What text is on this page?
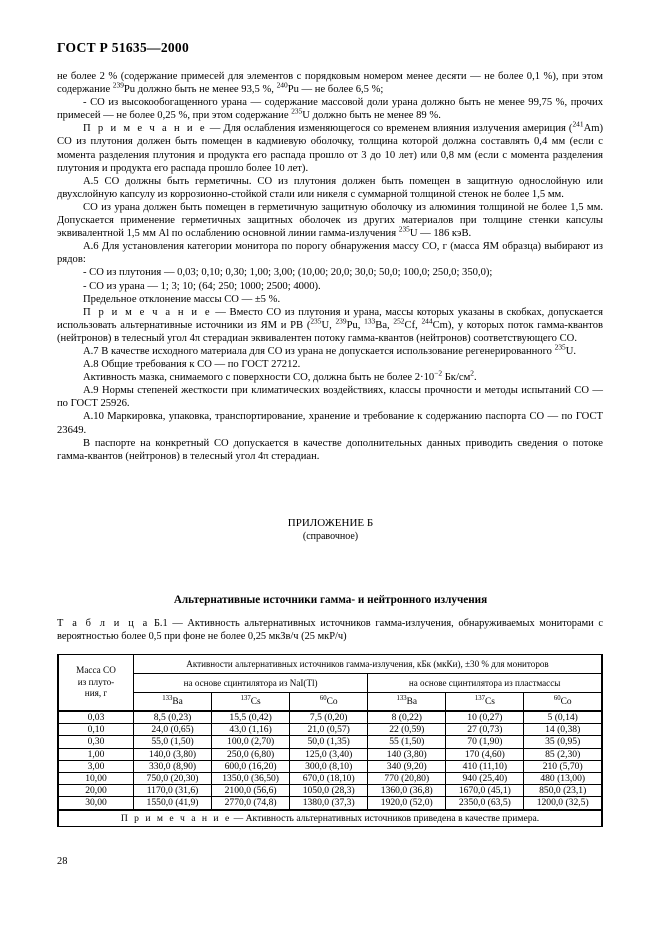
ГОСТ Р 51635—2000

не более 2 % (содержание примесей для элементов с порядковым номером менее десяти — не более 0,1 %), при этом содержание $^{239}$Pu должно быть не менее 93,5 %, $^{240}$Pu — не более 6,5 %;

- СО из высокообогащенного урана — содержание массовой доли урана должно быть не менее 99,75 %, прочих примесей — не более 0,25 %, при этом содержание $^{235}$U должно быть не менее 89 %.

П р и м е ч а н и е — Для ослабления изменяющегося со временем влияния излучения америция ($^{241}$Am) СО из плутония должен быть помещен в кадмиевую оболочку, толщина которой должна составлять 0,4 мм (если с момента разделения плутония и продукта его распада прошло от 3 до 10 лет) или 0,8 мм (если с момента разделения плутония и продукта его распада прошло более 10 лет).

А.5 СО должны быть герметичны. СО из плутония должен быть помещен в защитную однослойную или двухслойную капсулу из коррозионно-стойкой стали или никеля с суммарной толщиной стенок не более 1,5 мм.

СО из урана должен быть помещен в герметичную защитную оболочку из алюминия толщиной не более 1,5 мм. Допускается применение герметичных защитных оболочек из других материалов при толщине стенки капсулы эквивалентной 1,5 мм Al по ослаблению основной линии гамма-излучения $^{235}$U — 186 кэВ.

А.6 Для установления категории монитора по порогу обнаружения массу СО, г (масса ЯМ образца) выбирают из рядов:

- СО из плутония — 0,03; 0,10; 0,30; 1,00; 3,00; (10,00; 20,0; 30,0; 50,0; 100,0; 250,0; 350,0);

- СО из урана — 1; 3; 10; (64; 250; 1000; 2500; 4000).

Предельное отклонение массы СО — ±5 %.

П р и м е ч а н и е — Вместо СО из плутония и урана, массы которых указаны в скобках, допускается использовать альтернативные источники из ЯМ и РВ ($^{235}$U, $^{239}$Pu, $^{133}$Ba, $^{252}$Cf, $^{244}$Cm), у которых поток гамма-квантов (нейтронов) в телесный угол 4π стерадиан эквивалентен потоку гамма-квантов (нейтронов) соответствующего СО.

А.7 В качестве исходного материала для СО из урана не допускается использование регенерированного $^{235}$U.

А.8 Общие требования к СО — по ГОСТ 27212.

Активность мазка, снимаемого с поверхности СО, должна быть не более $2\cdot 10^{-2}$ $Бк/см^2$.

А.9 Нормы степеней жесткости при климатических воздействиях, классы прочности и методы испытаний СО — по ГОСТ 25926.

А.10 Маркировка, упаковка, транспортирование, хранение и требование к содержанию паспорта СО — по ГОСТ 23649.

В паспорте на конкретный СО допускается в качестве дополнительных данных приводить сведения о потоке гамма-квантов (нейтронов) в телесный угол 4π стерадиан.

ПРИЛОЖЕНИЕ Б
(справочное)
Альтернативные источники гамма- и нейтронного излучения
Т а б л и ц а Б.1 — Активность альтернативных источников гамма-излучения, обнаруживаемых мониторами с вероятностью более 0,5 при фоне не более 0,25 мкЗв/ч (25 мкР/ч)
Масса СО
из плуто-
ния, г	Активности альтернативных источников гамма-излучения, кБк (мкКи), ±30 % для мониторов					
	на основе сцинтилятора из NaI(Tl)			на основе сцинтилятора из пластмассы		
	$^{133}$Ba	$^{137}$Cs	$^{60}$Co	$^{133}$Ba	$^{137}$Cs	$^{60}$Co
0,03	8,5 (0,23)	15,5 (0,42)	7,5 (0,20)	8 (0,22)	10 (0,27)	5 (0,14)
0,10	24,0 (0,65)	43,0 (1,16)	21,0 (0,57)	22 (0,59)	27 (0,73)	14 (0,38)
0,30	55,0 (1,50)	100,0 (2,70)	50,0 (1,35)	55 (1,50)	70 (1,90)	35 (0,95)
1,00	140,0 (3,80)	250,0 (6,80)	125,0 (3,40)	140 (3,80)	170 (4,60)	85 (2,30)
3,00	330,0 (8,90)	600,0 (16,20)	300,0 (8,10)	340 (9,20)	410 (11,10)	210 (5,70)
10,00	750,0 (20,30)	1350,0 (36,50)	670,0 (18,10)	770 (20,80)	940 (25,40)	480 (13,00)
20,00	1170,0 (31,6)	2100,0 (56,6)	1050,0 (28,3)	1360,0 (36,8)	1670,0 (45,1)	850,0 (23,1)
30,00	1550,0 (41,9)	2770,0 (74,8)	1380,0 (37,3)	1920,0 (52,0)	2350,0 (63,5)	1200,0 (32,5)
П р и м е ч а н и е — Активность альтернативных источников приведена в качестве примера.						
28
